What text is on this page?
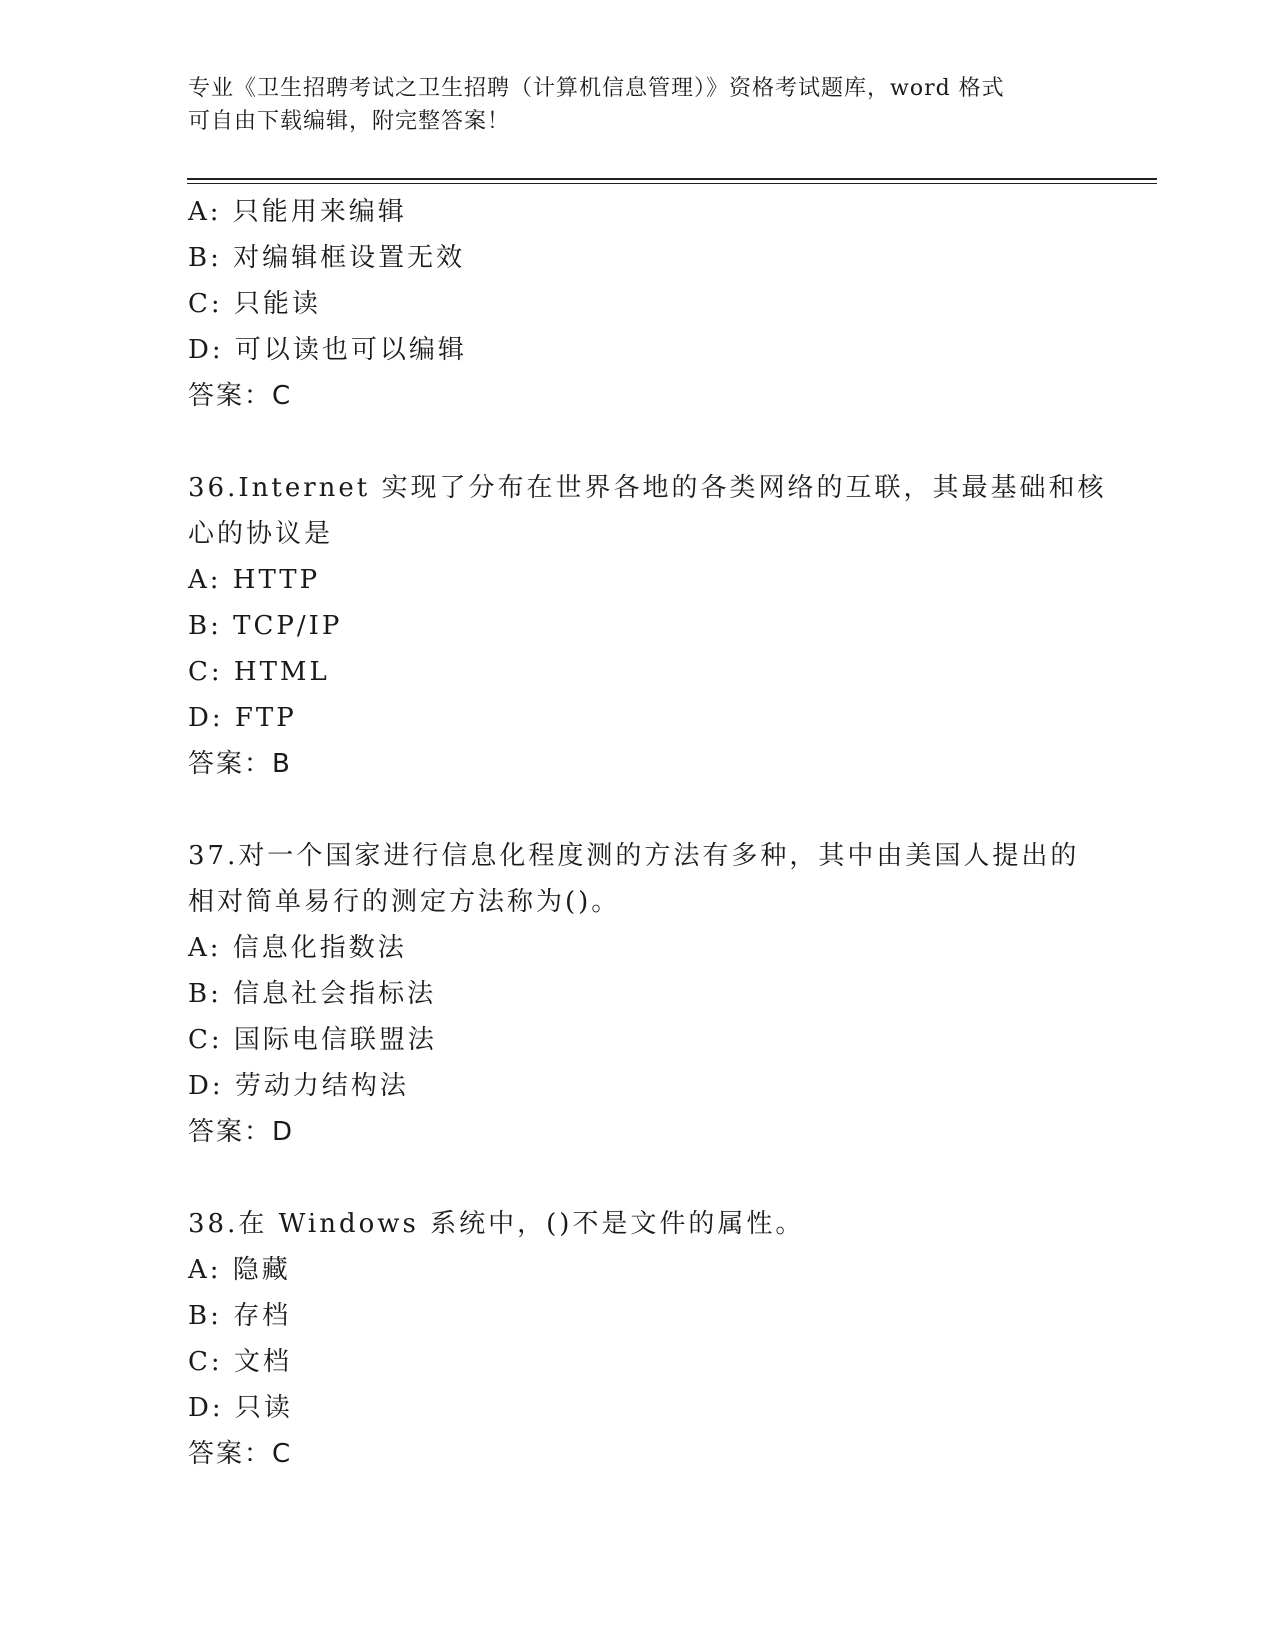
专业《卫生招聘考试之卫生招聘（计算机信息管理）》资格考试题库，word 格式
可自由下载编辑，附完整答案！
A: 只能用来编辑
B: 对编辑框设置无效
C: 只能读
D: 可以读也可以编辑
答案：C
36.Internet 实现了分布在世界各地的各类网络的互联，其最基础和核
心的协议是
A: HTTP
B: TCP/IP
C: HTML
D: FTP
答案：B
37.对一个国家进行信息化程度测的方法有多种，其中由美国人提出的
相对简单易行的测定方法称为()。
A: 信息化指数法
B: 信息社会指标法
C: 国际电信联盟法
D: 劳动力结构法
答案：D
38.在 Windows 系统中，()不是文件的属性。
A: 隐藏
B: 存档
C: 文档
D: 只读
答案：C
